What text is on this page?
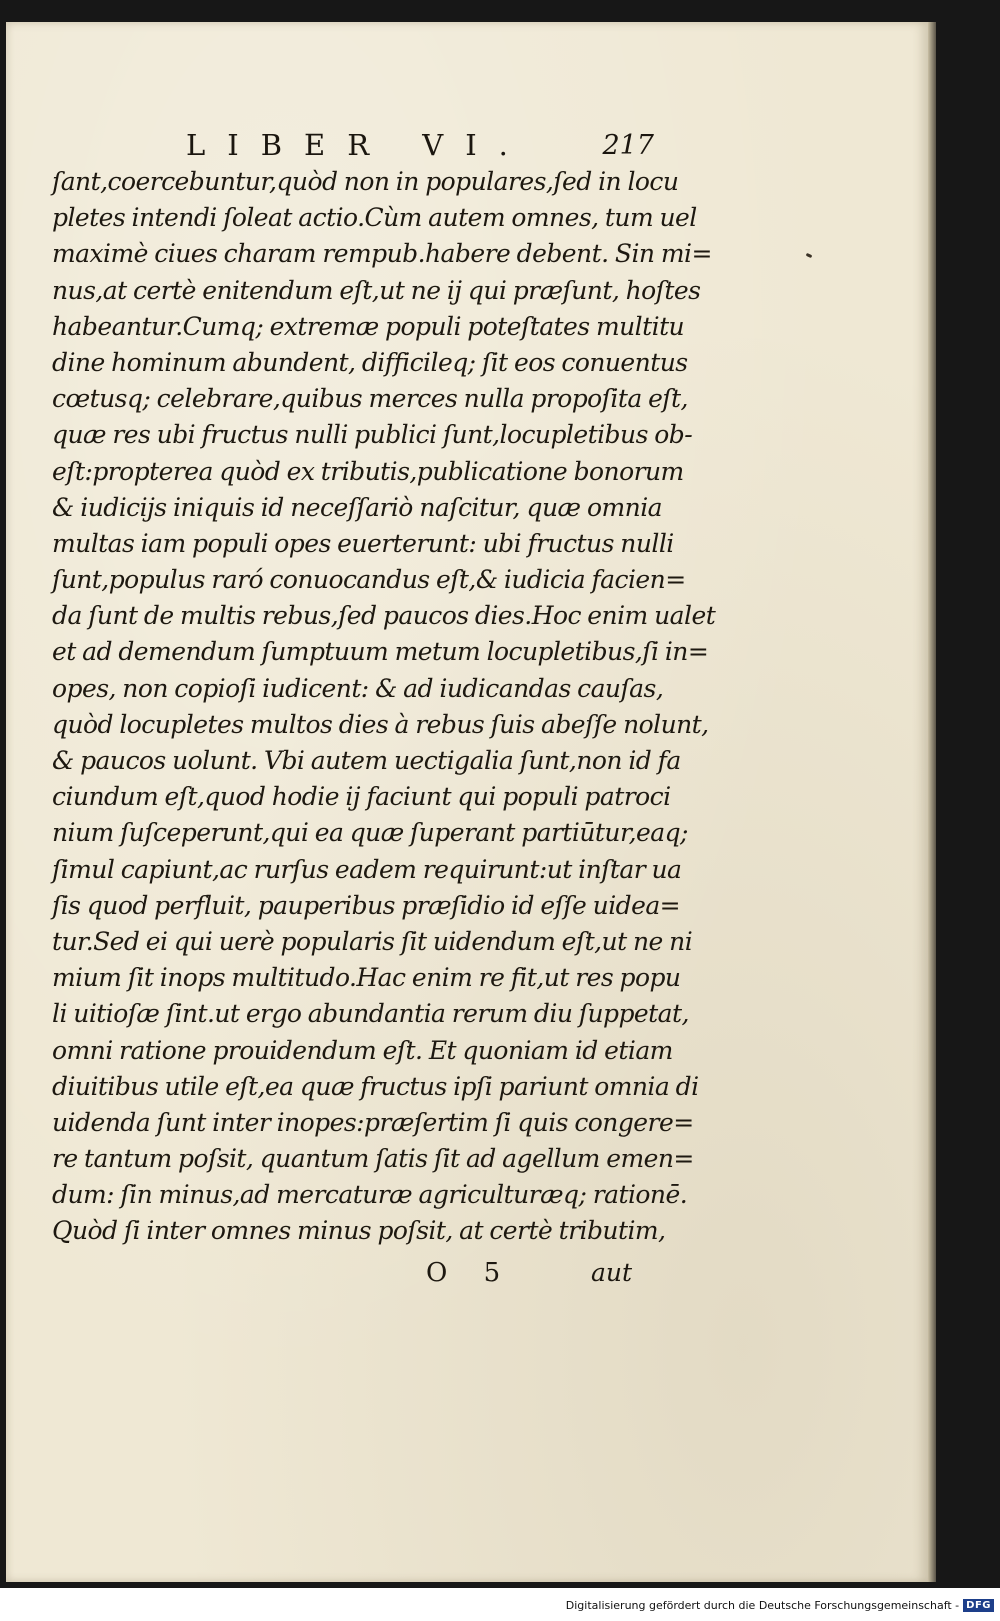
LIBER VI.	217
ſant,coercebuntur,quòd non in populares,ſed in locu
pletes intendi ſoleat actio.Cùm autem omnes, tum uel
maximè ciues charam rempub.habere debent. Sin mi=
nus,at certè enitendum eſt,ut ne ij qui præſunt, hoſtes
habeantur.Cumq; extremæ populi poteſtates multitu
dine hominum abundent, difficileq; ſit eos conuentus
cœtusq; celebrare,quibus merces nulla propoſita eſt,
quæ res ubi fructus nulli publici ſunt,locupletibus ob-
eſt:propterea quòd ex tributis,publicatione bonorum
& iudicijs iniquis id neceſſariò naſcitur, quæ omnia
multas iam populi opes euerterunt: ubi fructus nulli
ſunt,populus raró conuocandus eſt,& iudicia facien=
da ſunt de multis rebus,ſed paucos dies.Hoc enim ualet
et ad demendum ſumptuum metum locupletibus,ſi in=
opes, non copioſi iudicent: & ad iudicandas cauſas,
quòd locupletes multos dies à rebus ſuis abeſſe nolunt,
& paucos uolunt. Vbi autem uectigalia ſunt,non id fa
ciundum eſt,quod hodie ij faciunt qui populi patroci
nium ſuſceperunt,qui ea quæ ſuperant partiūtur,eaq;
ſimul capiunt,ac rurſus eadem requirunt:ut inſtar ua
ſis quod perfluit, pauperibus præſidio id eſſe uidea=
tur.Sed ei qui uerè popularis ſit uidendum eſt,ut ne ni
mium ſit inops multitudo.Hac enim re fit,ut res popu
li uitioſæ ſint.ut ergo abundantia rerum diu ſuppetat,
omni ratione prouidendum eſt. Et quoniam id etiam
diuitibus utile eſt,ea quæ fructus ipſi pariunt omnia di
uidenda ſunt inter inopes:præſertim ſi quis congere=
re tantum poſsit, quantum ſatis ſit ad agellum emen=
dum: ſin minus,ad mercaturæ agriculturæq; rationē.
Quòd ſi inter omnes minus poſsit, at certè tributim,
O 5	aut
Digitalisierung gefördert durch die Deutsche Forschungsgemeinschaft - DFG
